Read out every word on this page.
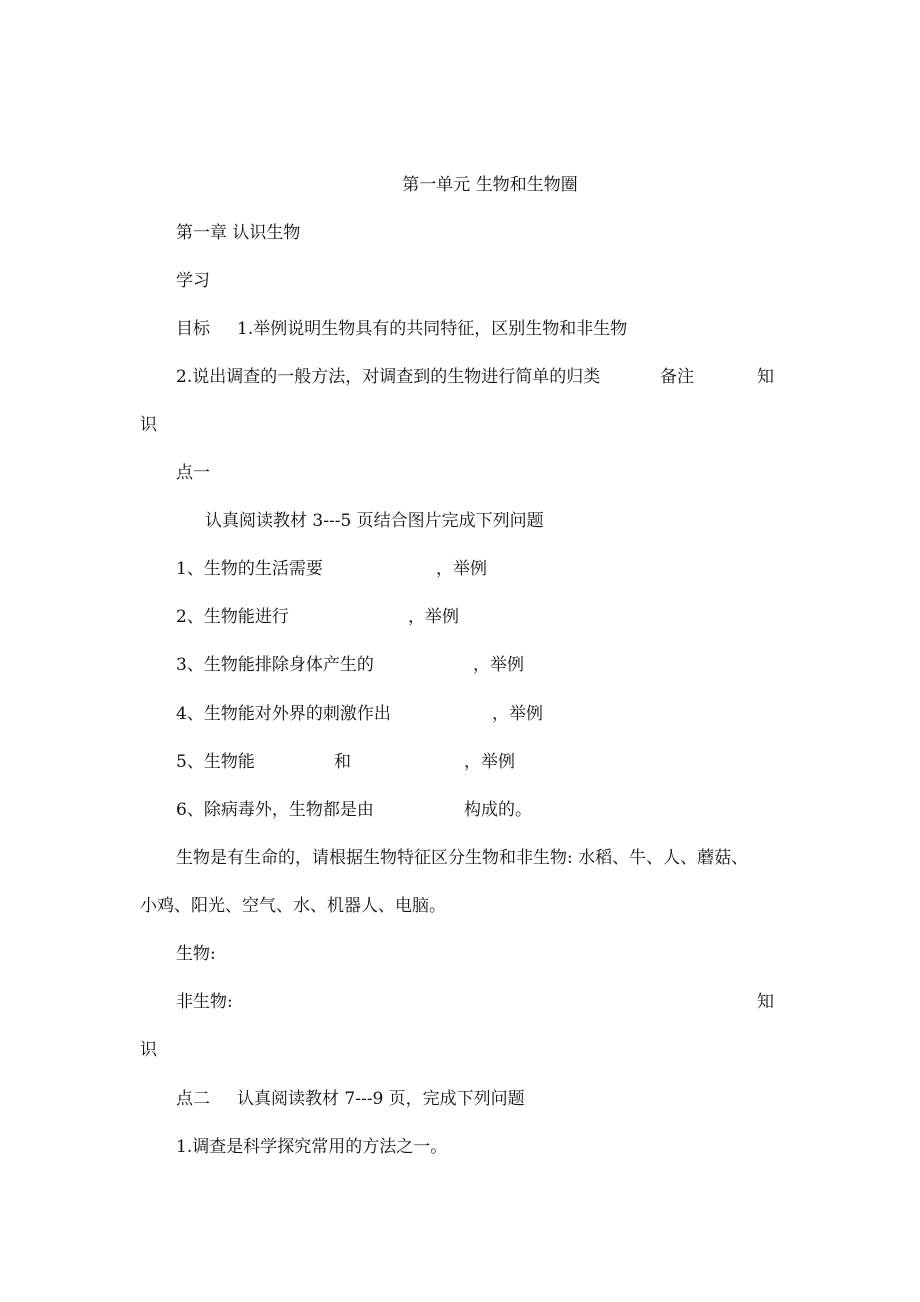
第一单元 生物和生物圈
第一章 认识生物
学习
目标 1.举例说明生物具有的共同特征，区别生物和非生物
2.说出调查的一般方法，对调查到的生物进行简单的归类	备注	知
识
点一
认真阅读教材 3---5 页结合图片完成下列问题
1、生物的生活需要	，举例
2、生物能进行	，举例
3、生物能排除身体产生的	，举例
4、生物能对外界的刺激作出	，举例
5、生物能	和	，举例
6、除病毒外，生物都是由	构成的。
生物是有生命的，请根据生物特征区分生物和非生物: 水稻、牛、人、蘑菇、
小鸡、阳光、空气、水、机器人、电脑。
生物:
非生物:	知
识
点二 认真阅读教材 7---9 页，完成下列问题
1.调查是科学探究常用的方法之一。
